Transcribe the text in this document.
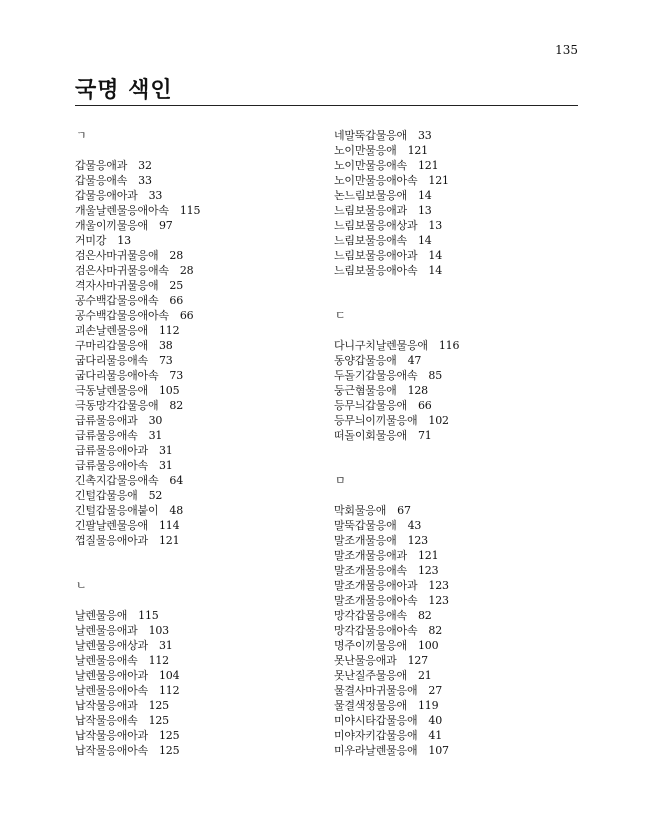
135
국명 색인
ㄱ
갑물응애과 32
갑물응애속 33
갑물응애아과 33
개울날렌물응애아속 115
개울이끼물응애 97
거미강 13
검은사마귀물응애 28
검은사마귀물응애속 28
격자사마귀물응애 25
공수백갑물응애속 66
공수백갑물응애아속 66
괴손날렌물응애 112
구마리갑물응애 38
굽다리물응애속 73
굽다리물응애아속 73
극동날렌물응애 105
극동망각갑물응애 82
급류물응애과 30
급류물응애속 31
급류물응애아과 31
급류물응애아속 31
긴촉지갑물응애속 64
긴털갑물응애 52
긴털갑물응애붙이 48
긴팔날렌물응애 114
껍질물응애아과 121
ㄴ
날렌물응애 115
날렌물응애과 103
날렌물응애상과 31
날렌물응애속 112
날렌물응애아과 104
날렌물응애아속 112
납작물응애과 125
납작물응애속 125
납작물응애아과 125
납작물응애아속 125
네말뚝갑물응애 33
노이만물응애 121
노이만물응애속 121
노이만물응애아속 121
논느림보물응애 14
느림보물응애과 13
느림보물응애상과 13
느림보물응애속 14
느림보물응애아과 14
느림보물응애아속 14
ㄷ
다니구치날렌물응애 116
동양갑물응애 47
두돌기갑물응애속 85
둥근혐물응애 128
등무늬갑물응애 66
등무늬이끼물응애 102
떠돌이회물응애 71
ㅁ
막회물응애 67
말뚝갑물응애 43
말조개물응애 123
말조개물응애과 121
말조개물응애속 123
말조개물응애아과 123
말조개물응애아속 123
망각갑물응애속 82
망각갑물응애아속 82
명주이끼물응애 100
못난물응애과 127
못난질주물응애 21
물결사마귀물응애 27
물결색정물응애 119
미야시타갑물응애 40
미야자키갑물응애 41
미우라날렌물응애 107
